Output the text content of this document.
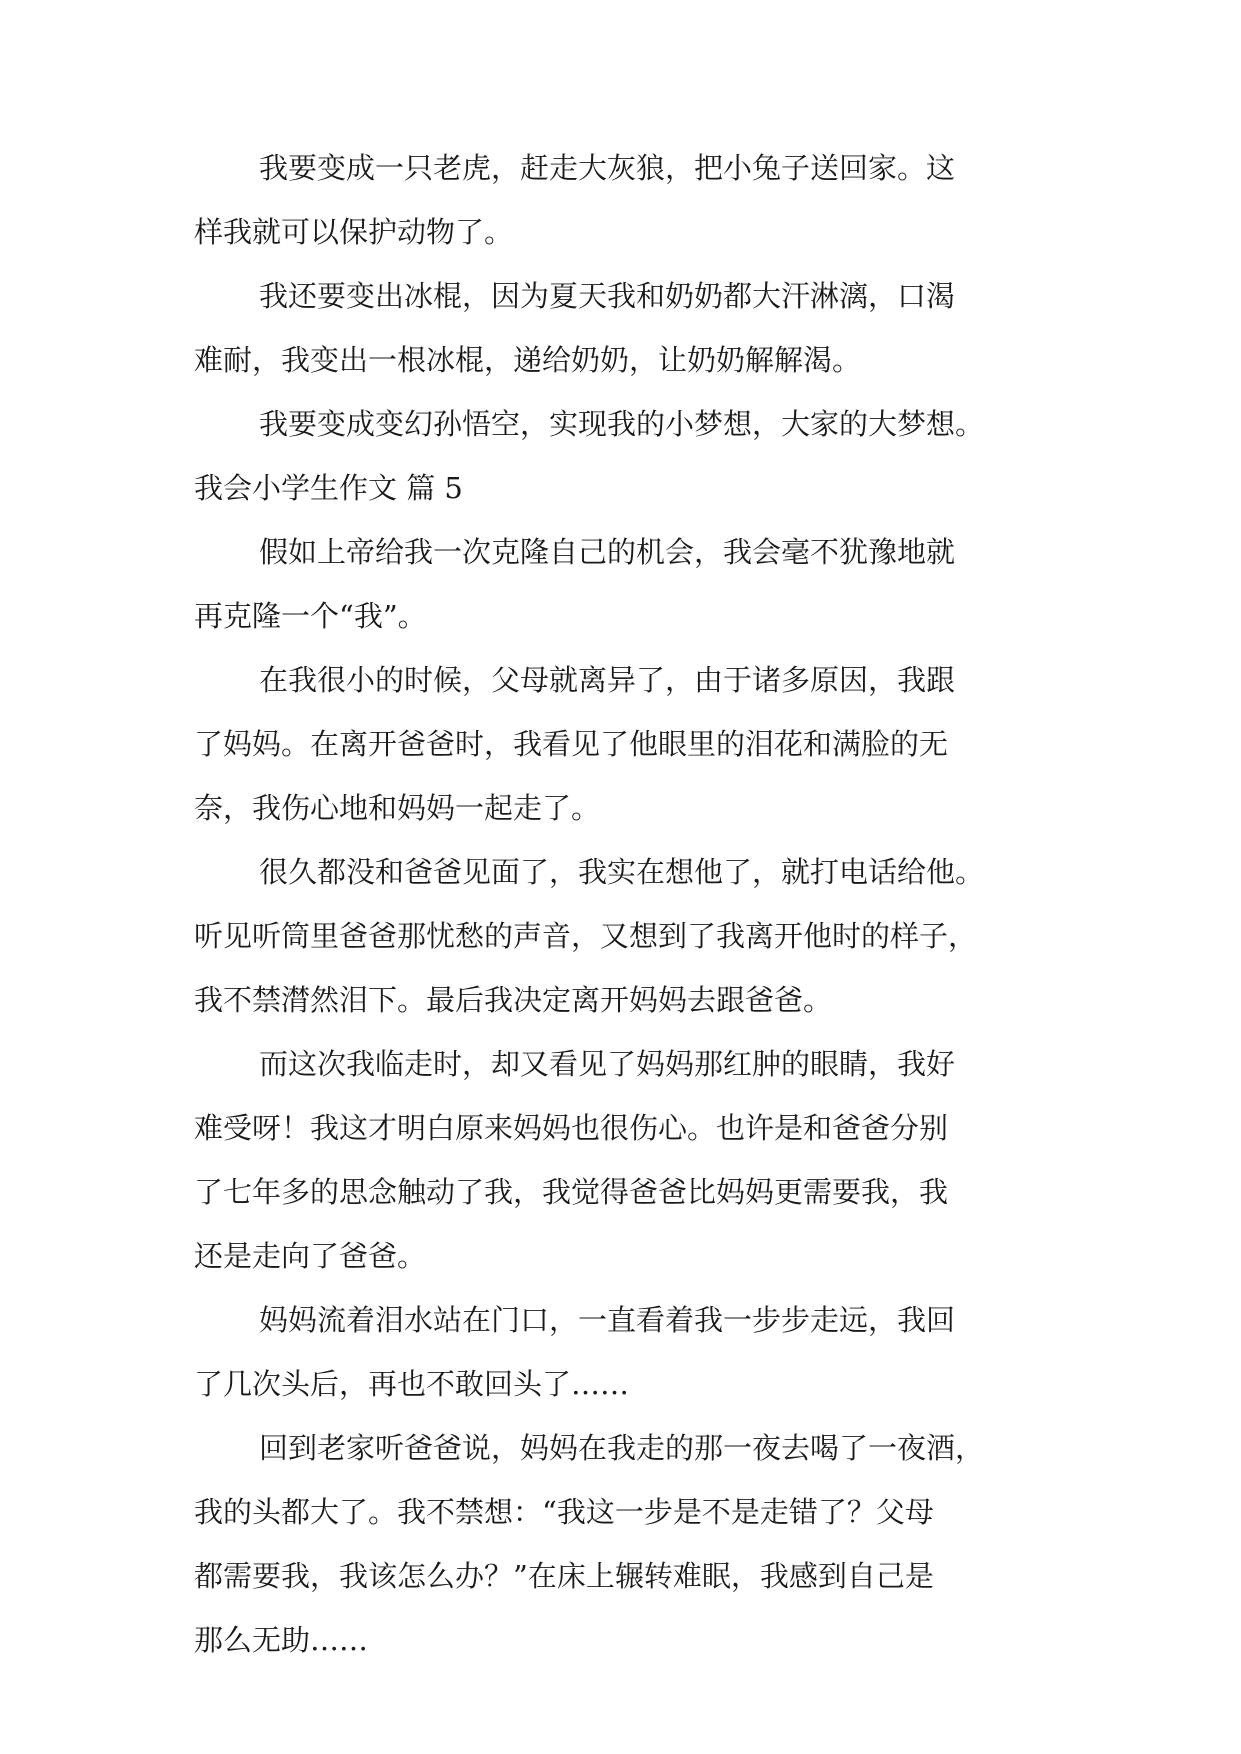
我要变成一只老虎，赶走大灰狼，把小兔子送回家。这

样我就可以保护动物了。

我还要变出冰棍，因为夏天我和奶奶都大汗淋漓，口渴

难耐，我变出一根冰棍，递给奶奶，让奶奶解解渴。

我要变成变幻孙悟空，实现我的小梦想，大家的大梦想。

我会小学生作文 篇 5

假如上帝给我一次克隆自己的机会，我会毫不犹豫地就

再克隆一个“我”。

在我很小的时候，父母就离异了，由于诸多原因，我跟

了妈妈。在离开爸爸时，我看见了他眼里的泪花和满脸的无

奈，我伤心地和妈妈一起走了。

很久都没和爸爸见面了，我实在想他了，就打电话给他。

听见听筒里爸爸那忧愁的声音，又想到了我离开他时的样子，

我不禁潸然泪下。最后我决定离开妈妈去跟爸爸。

而这次我临走时，却又看见了妈妈那红肿的眼睛，我好

难受呀！我这才明白原来妈妈也很伤心。也许是和爸爸分别

了七年多的思念触动了我，我觉得爸爸比妈妈更需要我，我

还是走向了爸爸。

妈妈流着泪水站在门口，一直看着我一步步走远，我回

了几次头后，再也不敢回头了……

回到老家听爸爸说，妈妈在我走的那一夜去喝了一夜酒，

我的头都大了。我不禁想：“我这一步是不是走错了？父母

都需要我，我该怎么办？”在床上辗转难眠，我感到自己是

那么无助……
